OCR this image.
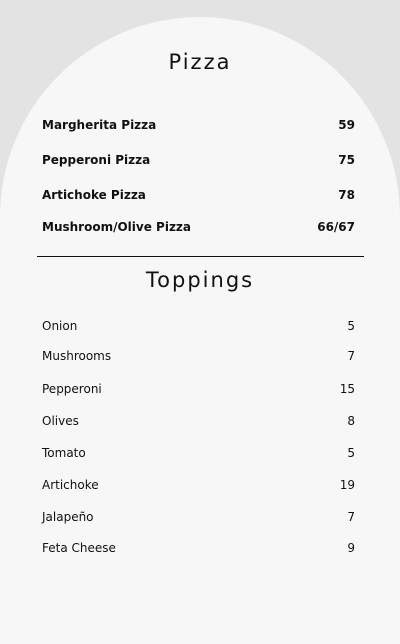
Pizza
Margherita Pizza	59
Pepperoni Pizza	75
Artichoke Pizza	78
Mushroom/Olive Pizza	66/67
Toppings
Onion	5
Mushrooms	7
Pepperoni	15
Olives	8
Tomato	5
Artichoke	19
Jalapeño	7
Feta Cheese	9
